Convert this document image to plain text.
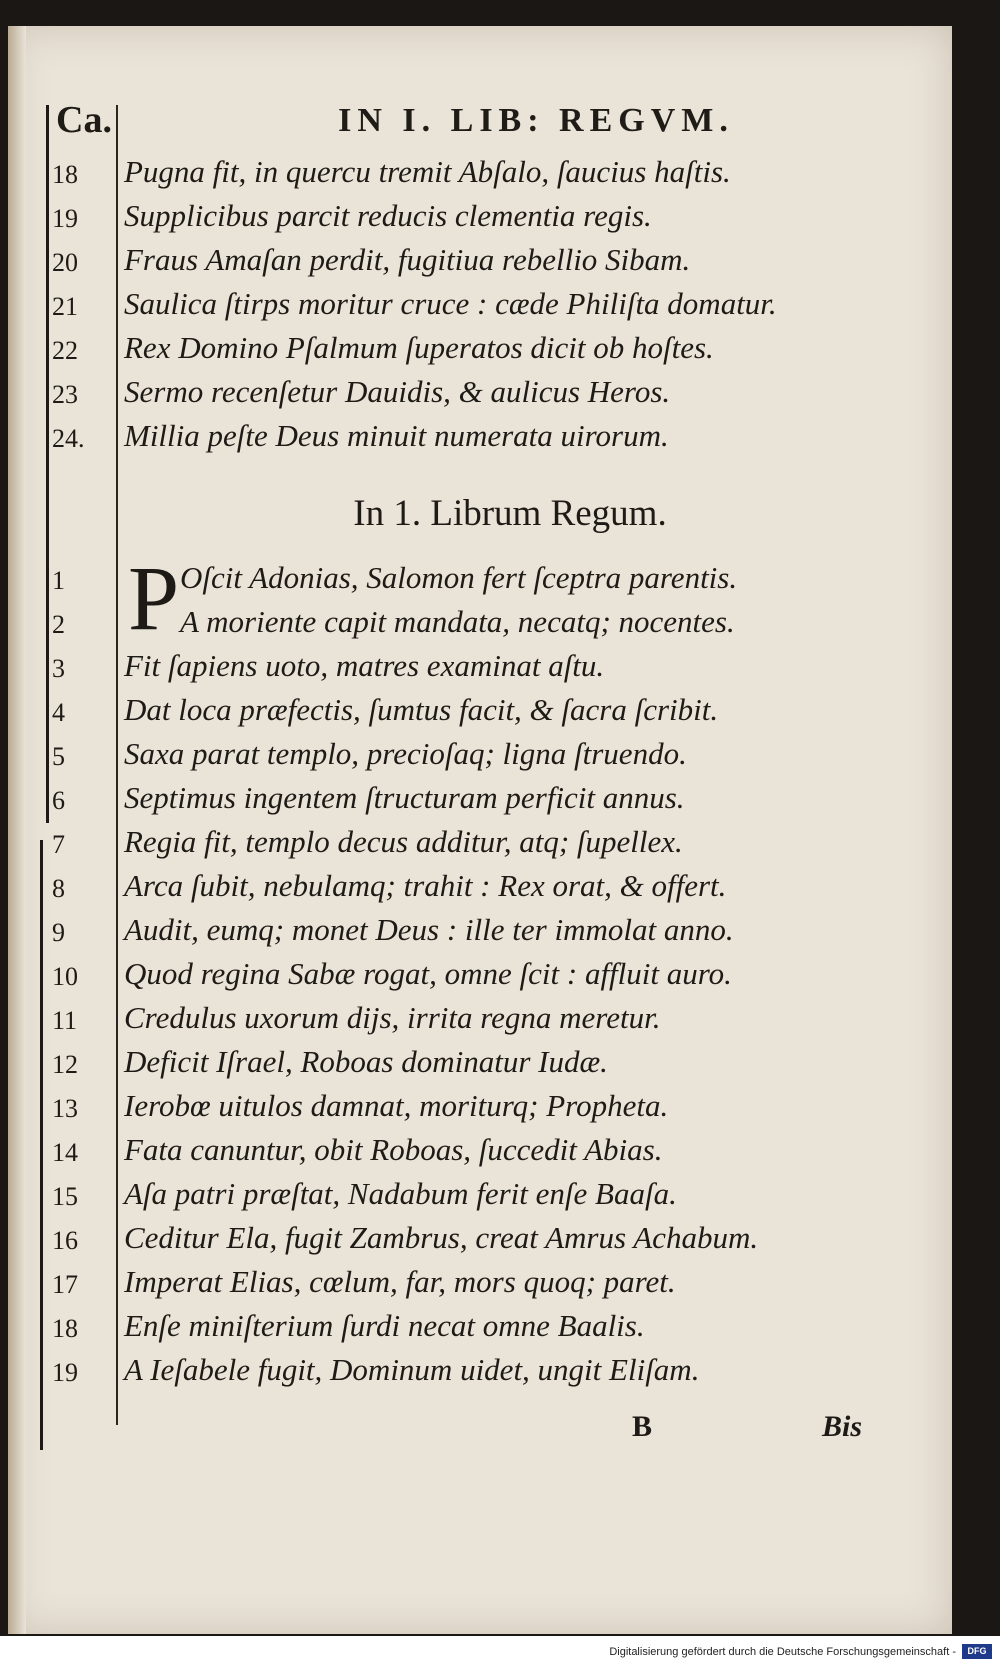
Ca.	IN I. LIB: REGVM.
18	Pugna fit, in quercu tremit Abſalo, ſaucius haſtis.
19	Supplicibus parcit reducis clementia regis.
20	Fraus Amaſan perdit, fugitiua rebellio Sibam.
21	Saulica ſtirps moritur cruce : cæde Philiſta domatur.
22	Rex Domino Pſalmum ſuperatos dicit ob hoſtes.
23	Sermo recenſetur Dauidis, & aulicus Heros.
24.	Millia peſte Deus minuit numerata uirorum.
In 1. Librum Regum.
1	Oſcit Adonias, Salomon fert ſceptra parentis.
2	A moriente capit mandata, necatq; nocentes.
P
3	Fit ſapiens uoto, matres examinat aſtu.
4	Dat loca præfectis, ſumtus facit, & ſacra ſcribit.
5	Saxa parat templo, precioſaq; ligna ſtruendo.
6	Septimus ingentem ſtructuram perficit annus.
7	Regia fit, templo decus additur, atq; ſupellex.
8	Arca ſubit, nebulamq; trahit : Rex orat, & offert.
9	Audit, eumq; monet Deus : ille ter immolat anno.
10	Quod regina Sabæ rogat, omne ſcit : affluit auro.
11	Credulus uxorum dijs, irrita regna meretur.
12	Deficit Iſrael, Roboas dominatur Iudæ.
13	Ierobœ uitulos damnat, moriturq; Propheta.
14	Fata canuntur, obit Roboas, ſuccedit Abias.
15	Aſa patri præſtat, Nadabum ferit enſe Baaſa.
16	Ceditur Ela, fugit Zambrus, creat Amrus Achabum.
17	Imperat Elias, cœlum, far, mors quoq; paret.
18	Enſe miniſterium ſurdi necat omne Baalis.
19	A Ieſabele fugit, Dominum uidet, ungit Eliſam.
B	Bis
Digitalisierung gefördert durch die Deutsche Forschungsgemeinschaft -	DFG
